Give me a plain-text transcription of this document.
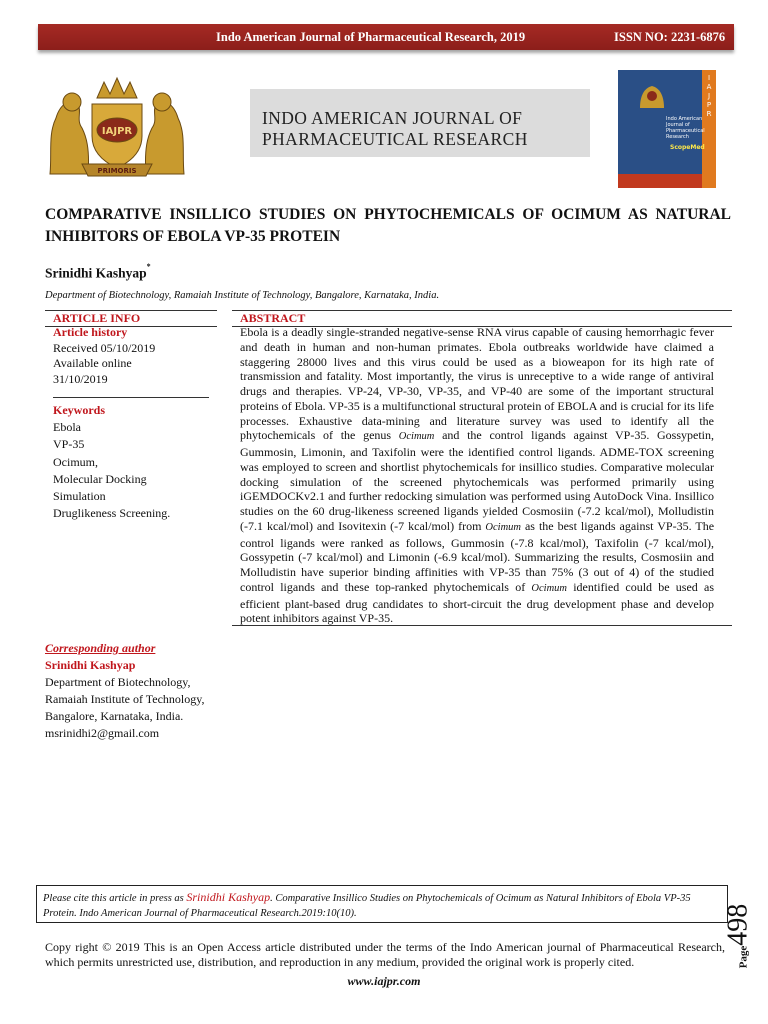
Indo American Journal of Pharmaceutical Research, 2019	ISSN NO: 2231-6876
IAJPR
PRIMORIS
INDO AMERICAN JOURNAL OF
PHARMACEUTICAL RESEARCH
I A J P R
Indo American Journal of Pharmaceutical Research
ScopeMed
COMPARATIVE INSILLICO STUDIES ON PHYTOCHEMICALS OF OCIMUM AS NATURAL INHIBITORS OF EBOLA VP-35 PROTEIN
Srinidhi Kashyap*
Department of Biotechnology, Ramaiah Institute of Technology, Bangalore, Karnataka, India.
ARTICLE INFO
Article history
Received 05/10/2019
Available online
31/10/2019
Keywords
Ebola
VP-35
Ocimum,
Molecular Docking
Simulation
Druglikeness Screening.
ABSTRACT
Ebola is a deadly single-stranded negative-sense RNA virus capable of causing hemorrhagic fever and death in human and non-human primates. Ebola outbreaks worldwide have claimed a staggering 28000 lives and this virus could be used as a bioweapon for its high rate of transmission and fatality. Most importantly, the virus is unreceptive to a wide range of antiviral drugs and therapies. VP-24, VP-30, VP-35, and VP-40 are some of the important structural proteins of Ebola. VP-35 is a multifunctional structural protein of EBOLA and is crucial for its life processes. Exhaustive data-mining and literature survey was used to identify all the phytochemicals of the genus Ocimum and the control ligands against VP-35. Gossypetin, Gummosin, Limonin, and Taxifolin were the identified control ligands. ADME-TOX screening was employed to screen and shortlist phytochemicals for insillico studies. Comparative molecular docking simulation of the screened phytochemicals was performed primarily using iGEMDOCKv2.1 and further redocking simulation was performed using AutoDock Vina. Insillico studies on the 60 drug-likeness screened ligands yielded Cosmosiin (-7.2 kcal/mol), Molludistin (-7.1 kcal/mol) and Isovitexin (-7 kcal/mol) from Ocimum as the best ligands against VP-35. The control ligands were ranked as follows, Gummosin (-7.8 kcal/mol), Taxifolin (-7 kcal/mol), Gossypetin (-7 kcal/mol) and Limonin (-6.9 kcal/mol). Summarizing the results, Cosmosiin and Molludistin have superior binding affinities with VP-35 than 75% (3 out of 4) of the studied control ligands and these top-ranked phytochemicals of Ocimum identified could be used as efficient plant-based drug candidates to short-circuit the drug development phase and develop potent inhibitors against VP-35.
Corresponding author
Srinidhi Kashyap
Department of Biotechnology,
Ramaiah Institute of Technology,
Bangalore, Karnataka, India.
msrinidhi2@gmail.com
Please cite this article in press as Srinidhi Kashyap. Comparative Insillico Studies on Phytochemicals of Ocimum as Natural Inhibitors of Ebola VP-35 Protein. Indo American Journal of Pharmaceutical Research.2019:10(10).
Page498
Copy right © 2019 This is an Open Access article distributed under the terms of the Indo American journal of Pharmaceutical Research, which permits unrestricted use, distribution, and reproduction in any medium, provided the original work is properly cited.
www.iajpr.com
